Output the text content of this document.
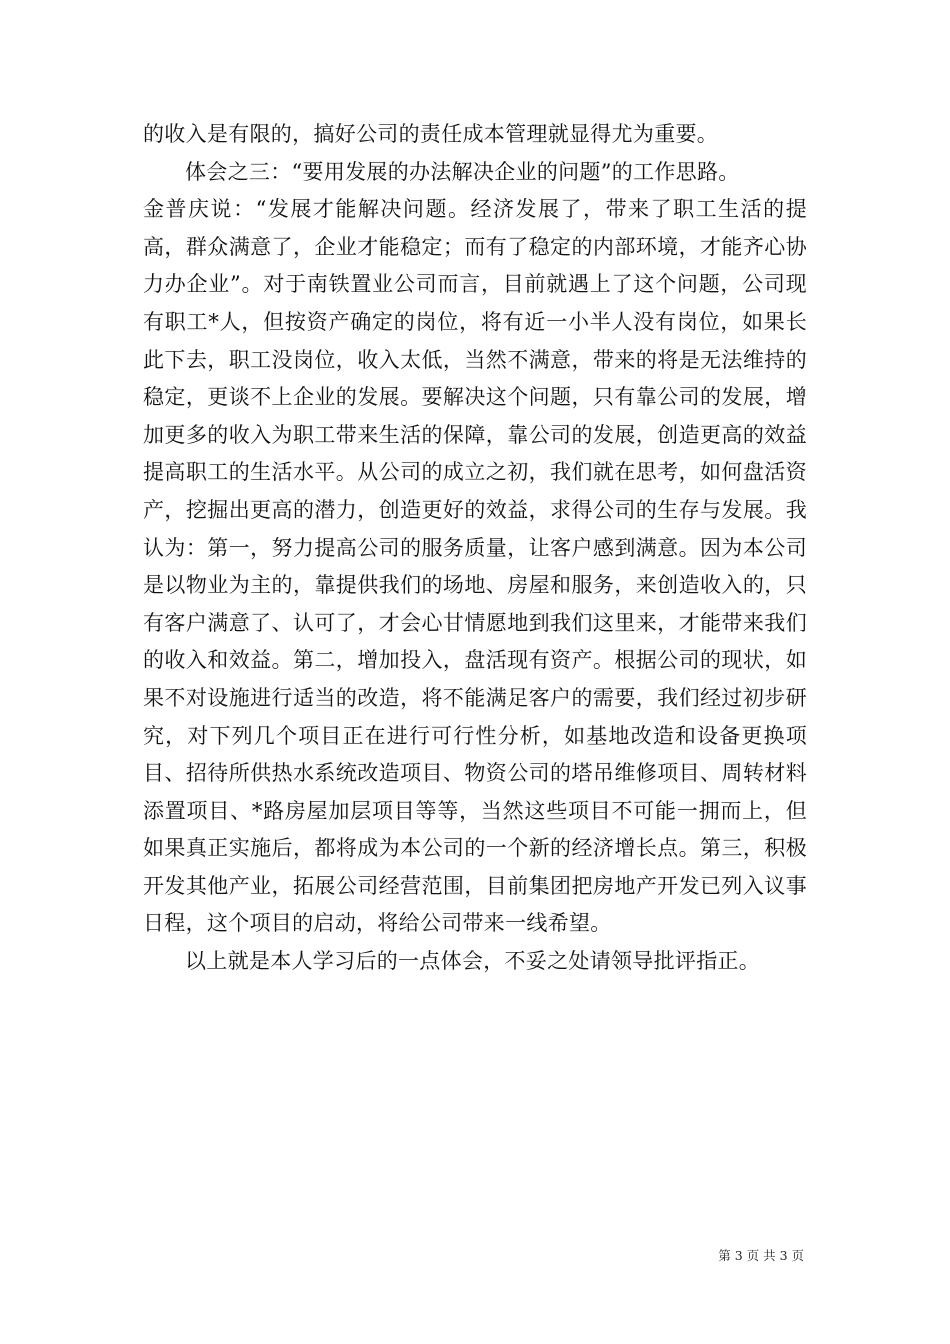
的收入是有限的，搞好公司的责任成本管理就显得尤为重要。

体会之三：“要用发展的办法解决企业的问题”的工作思路。

金普庆说：“发展才能解决问题。经济发展了，带来了职工生活的提高，群众满意了，企业才能稳定；而有了稳定的内部环境，才能齐心协力办企业”。对于南铁置业公司而言，目前就遇上了这个问题，公司现有职工*人，但按资产确定的岗位，将有近一小半人没有岗位，如果长此下去，职工没岗位，收入太低，当然不满意，带来的将是无法维持的稳定，更谈不上企业的发展。要解决这个问题，只有靠公司的发展，增加更多的收入为职工带来生活的保障，靠公司的发展，创造更高的效益提高职工的生活水平。从公司的成立之初，我们就在思考，如何盘活资产，挖掘出更高的潜力，创造更好的效益，求得公司的生存与发展。我认为：第一，努力提高公司的服务质量，让客户感到满意。因为本公司是以物业为主的，靠提供我们的场地、房屋和服务，来创造收入的，只有客户满意了、认可了，才会心甘情愿地到我们这里来，才能带来我们的收入和效益。第二，增加投入，盘活现有资产。根据公司的现状，如果不对设施进行适当的改造，将不能满足客户的需要，我们经过初步研究，对下列几个项目正在进行可行性分析，如基地改造和设备更换项目、招待所供热水系统改造项目、物资公司的塔吊维修项目、周转材料添置项目、*路房屋加层项目等等，当然这些项目不可能一拥而上，但如果真正实施后，都将成为本公司的一个新的经济增长点。第三，积极开发其他产业，拓展公司经营范围，目前集团把房地产开发已列入议事日程，这个项目的启动，将给公司带来一线希望。

以上就是本人学习后的一点体会，不妥之处请领导批评指正。

第 3 页 共 3 页
